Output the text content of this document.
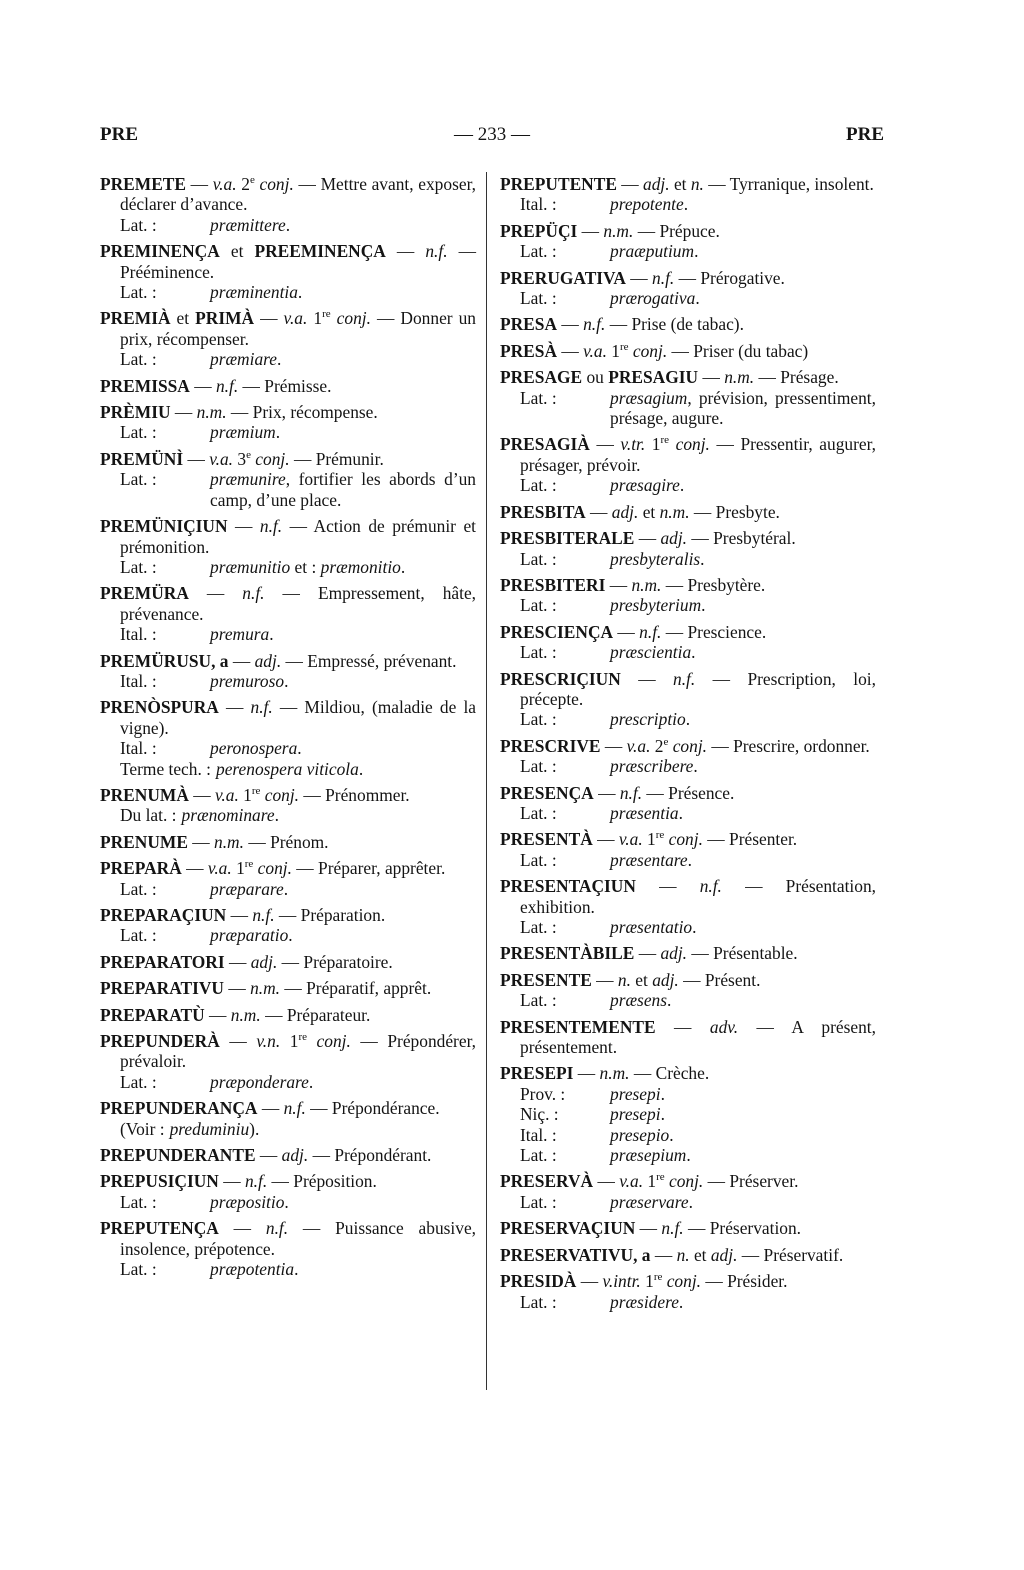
PRE	— 233 —	PRE
PREMETE — v.a. 2e conj. — Mettre avant, exposer, déclarer d’avance.
Lat. :	præmittere.
PREMINENÇA et PREEMINENÇA — n.f. — Prééminence.
Lat. :	præminentia.
PREMIÀ et PRIMÀ — v.a. 1re conj. — Donner un prix, récompenser.
Lat. :	præmiare.
PREMISSA — n.f. — Prémisse.
PRÈMIU — n.m. — Prix, récompense.
Lat. :	præmium.
PREMÜNÌ — v.a. 3e conj. — Prémunir.
Lat. :	præmunire, fortifier les abords d’un camp, d’une place.
PREMÜNIÇIUN — n.f. — Action de prémunir et prémonition.
Lat. :	præmunitio et : præmonitio.
PREMÜRA — n.f. — Empressement, hâte, prévenance.
Ital. :	premura.
PREMÜRUSU, a — adj. — Empressé, prévenant.
Ital. :	premuroso.
PRENÒSPURA — n.f. — Mildiou, (maladie de la vigne).
Ital. :	peronospera.
Terme tech. : perenospera viticola.
PRENUMÀ — v.a. 1re conj. — Prénommer.
Du lat. : prænominare.
PRENUME — n.m. — Prénom.
PREPARÀ — v.a. 1re conj. — Préparer, apprêter.
Lat. :	præparare.
PREPARAÇIUN — n.f. — Préparation.
Lat. :	præparatio.
PREPARATORI — adj. — Préparatoire.
PREPARATIVU — n.m. — Préparatif, apprêt.
PREPARATÙ — n.m. — Préparateur.
PREPUNDERÀ — v.n. 1re conj. — Prépondérer, prévaloir.
Lat. :	præponderare.
PREPUNDERANÇA — n.f. — Prépondérance.
(Voir : preduminiu).
PREPUNDERANTE — adj. — Prépondérant.
PREPUSIÇIUN — n.f. — Préposition.
Lat. :	præpositio.
PREPUTENÇA — n.f. — Puissance abusive, insolence, prépotence.
Lat. :	præpotentia.
PREPUTENTE — adj. et n. — Tyrranique, insolent.
Ital. :	prepotente.
PREPÜÇI — n.m. — Prépuce.
Lat. :	praæputium.
PRERUGATIVA — n.f. — Prérogative.
Lat. :	prærogativa.
PRESA — n.f. — Prise (de tabac).
PRESÀ — v.a. 1re conj. — Priser (du tabac)
PRESAGE ou PRESAGIU — n.m. — Présage.
Lat. :	præsagium, prévision, pressentiment, présage, augure.
PRESAGIÀ — v.tr. 1re conj. — Pressentir, augurer, présager, prévoir.
Lat. :	præsagire.
PRESBITA — adj. et n.m. — Presbyte.
PRESBITERALE — adj. — Presbytéral.
Lat. :	presbyteralis.
PRESBITERI — n.m. — Presbytère.
Lat. :	presbyterium.
PRESCIENÇA — n.f. — Prescience.
Lat. :	præscientia.
PRESCRIÇIUN — n.f. — Prescription, loi, précepte.
Lat. :	prescriptio.
PRESCRIVE — v.a. 2e conj. — Prescrire, ordonner.
Lat. :	præscribere.
PRESENÇA — n.f. — Présence.
Lat. :	præsentia.
PRESENTÀ — v.a. 1re conj. — Présenter.
Lat. :	præsentare.
PRESENTAÇIUN — n.f. — Présentation, exhibition.
Lat. :	præsentatio.
PRESENTÀBILE — adj. — Présentable.
PRESENTE — n. et adj. — Présent.
Lat. :	præsens.
PRESENTEMENTE — adv. — A présent, présentement.
PRESEPI — n.m. — Crèche.
Prov. :	presepi.
Niç. :	presepi.
Ital. :	presepio.
Lat. :	præsepium.
PRESERVÀ — v.a. 1re conj. — Préserver.
Lat. :	præservare.
PRESERVAÇIUN — n.f. — Préservation.
PRESERVATIVU, a — n. et adj. — Préservatif.
PRESIDÀ — v.intr. 1re conj. — Présider.
Lat. :	præsidere.
